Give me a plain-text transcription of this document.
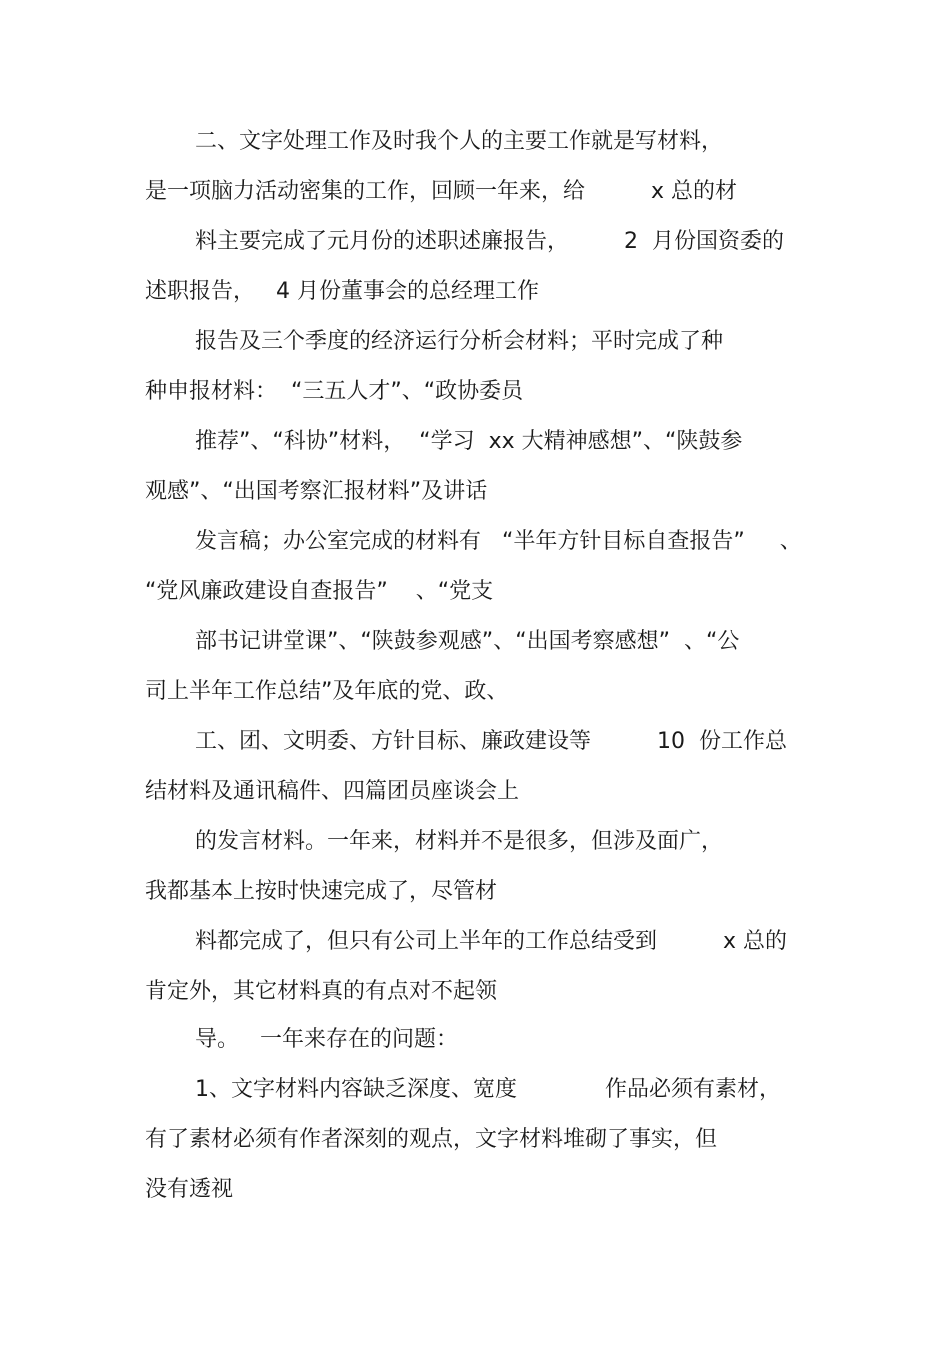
二、文字处理工作及时我个人的主要工作就是写材料，
是一项脑力活动密集的工作，回顾一年来，给　　　x 总的材
料主要完成了元月份的述职述廉报告，　　　2  月份国资委的
述职报告，   4 月份董事会的总经理工作
报告及三个季度的经济运行分析会材料；平时完成了种
种申报材料：  “三五人才”、“政协委员
推荐”、“科协”材料，  “学习  xx 大精神感想”、“陕鼓参
观感”、“出国考察汇报材料”及讲话
发言稿；办公室完成的材料有   “半年方针目标自查报告”     、
“党风廉政建设自查报告”    、“党支
部书记讲堂课”、“陕鼓参观感”、“出国考察感想”  、“公
司上半年工作总结”及年底的党、政、
工、团、文明委、方针目标、廉政建设等　　　10  份工作总
结材料及通讯稿件、四篇团员座谈会上
的发言材料。一年来，材料并不是很多，但涉及面广，
我都基本上按时快速完成了，尽管材
料都完成了，但只有公司上半年的工作总结受到　　　x 总的
肯定外，其它材料真的有点对不起领
导。   一年来存在的问题：
1、文字材料内容缺乏深度、宽度　　　　作品必须有素材，
有了素材必须有作者深刻的观点，文字材料堆砌了事实，但
没有透视
